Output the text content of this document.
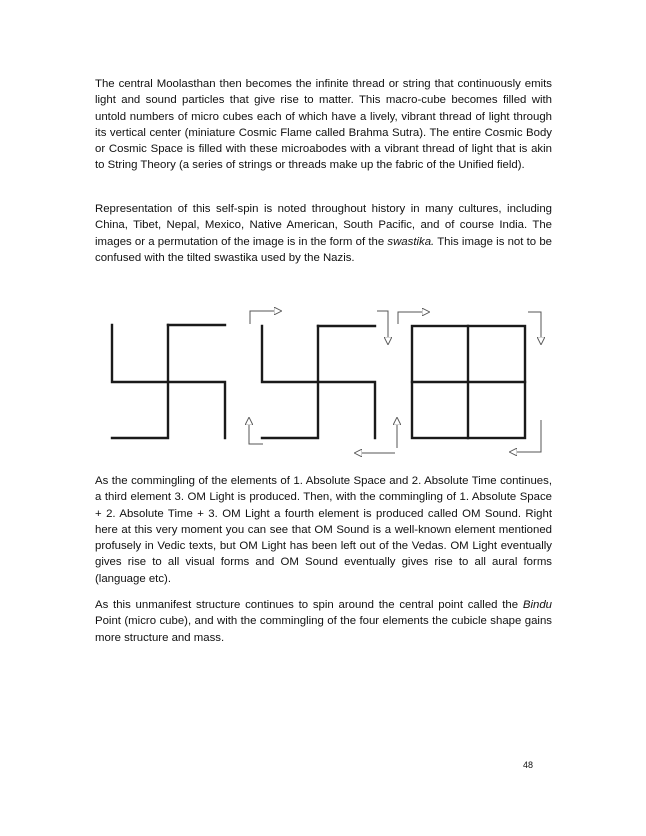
The central Moolasthan then becomes the infinite thread or string that continuously emits light and sound particles that give rise to matter. This macro-cube becomes filled with untold numbers of micro cubes each of which have a lively, vibrant thread of light through its vertical center (miniature Cosmic Flame called Brahma Sutra). The entire Cosmic Body or Cosmic Space is filled with these microabodes with a vibrant thread of light that is akin to String Theory (a series of strings or threads make up the fabric of the Unified field).

Representation of this self-spin is noted throughout history in many cultures, including China, Tibet, Nepal, Mexico, Native American, South Pacific, and of course India. The images or a permutation of the image is in the form of the swastika. This image is not to be confused with the tilted swastika used by the Nazis.

As the commingling of the elements of 1. Absolute Space and 2. Absolute Time continues, a third element 3. OM Light is produced. Then, with the commingling of 1. Absolute Space + 2. Absolute Time + 3. OM Light a fourth element is produced called OM Sound. Right here at this very moment you can see that OM Sound is a well-known element mentioned profusely in Vedic texts, but OM Light has been left out of the Vedas. OM Light eventually gives rise to all visual forms and OM Sound eventually gives rise to all aural forms (language etc).

As this unmanifest structure continues to spin around the central point called the Bindu Point (micro cube), and with the commingling of the four elements the cubicle shape gains more structure and mass.

48
